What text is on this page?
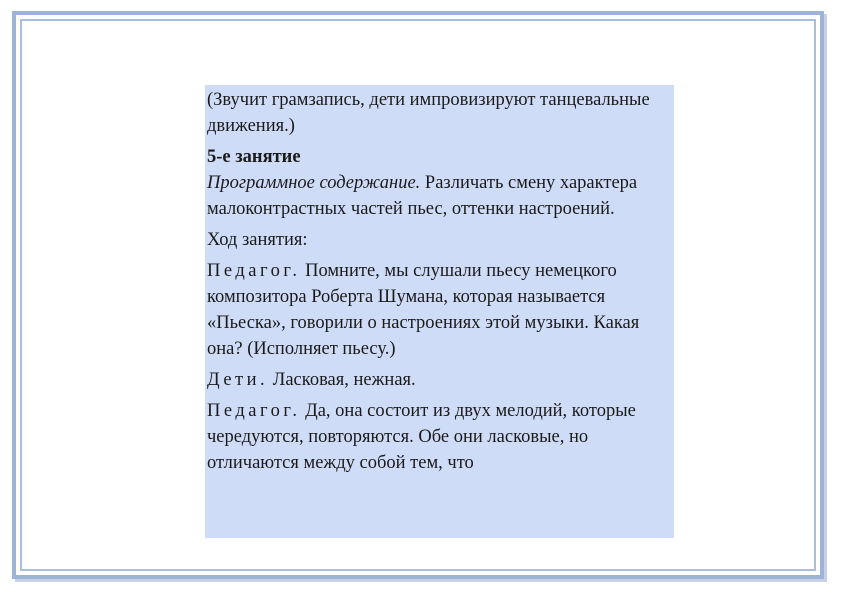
(Звучит грамзапись, дети импровизируют танцевальные движения.)

5-е занятие
Программное содержание. Различать смену характера малоконтрастных частей пьес, оттенки настроений.

Ход занятия:

Педагог. Помните, мы слушали пьесу немецкого композитора Роберта Шумана, которая называется «Пьеска», говорили о настроениях этой музыки. Какая она? (Исполняет пьесу.)

Дети. Ласковая, нежная.

Педагог. Да, она состоит из двух мелодий, которые чередуются, повторяются. Обе они ласковые, но отличаются между собой тем, что
